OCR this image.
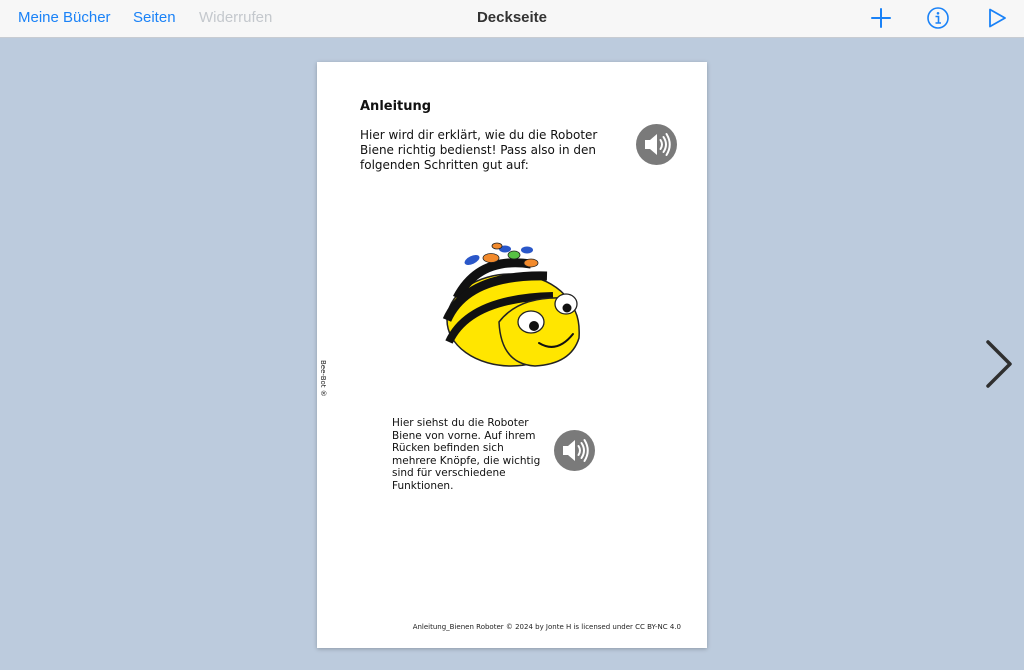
Meine Bücher Seiten Widerrufen	Deckseite
Anleitung
Hier wird dir erklärt, wie du die Roboter Biene richtig bedienst! Pass also in den folgenden Schritten gut auf:
Bee-Bot ®
Hier siehst du die Roboter Biene von vorne. Auf ihrem Rücken befinden sich mehrere Knöpfe, die wichtig sind für verschiedene Funktionen.
Anleitung_Bienen Roboter © 2024 by Jonte H is licensed under CC BY-NC 4.0
